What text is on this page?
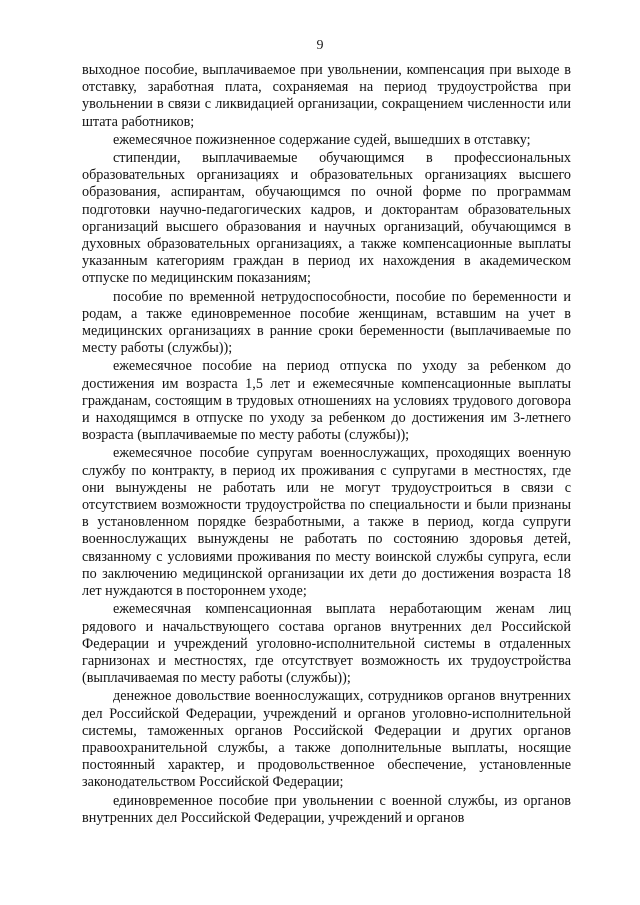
9

выходное пособие, выплачиваемое при увольнении, компенсация при выходе в отставку, заработная плата, сохраняемая на период трудоустройства при увольнении в связи с ликвидацией организации, сокращением численности или штата работников;

ежемесячное пожизненное содержание судей, вышедших в отставку;

стипендии, выплачиваемые обучающимся в профессиональных образовательных организациях и образовательных организациях высшего образования, аспирантам, обучающимся по очной форме по программам подготовки научно-педагогических кадров, и докторантам образовательных организаций высшего образования и научных организаций, обучающимся в духовных образовательных организациях, а также компенсационные выплаты указанным категориям граждан в период их нахождения в академическом отпуске по медицинским показаниям;

пособие по временной нетрудоспособности, пособие по беременности и родам, а также единовременное пособие женщинам, вставшим на учет в медицинских организациях в ранние сроки беременности (выплачиваемые по месту работы (службы));

ежемесячное пособие на период отпуска по уходу за ребенком до достижения им возраста 1,5 лет и ежемесячные компенсационные выплаты гражданам, состоящим в трудовых отношениях на условиях трудового договора и находящимся в отпуске по уходу за ребенком до достижения им 3-летнего возраста (выплачиваемые по месту работы (службы));

ежемесячное пособие супругам военнослужащих, проходящих военную службу по контракту, в период их проживания с супругами в местностях, где они вынуждены не работать или не могут трудоустроиться в связи с отсутствием возможности трудоустройства по специальности и были признаны в установленном порядке безработными, а также в период, когда супруги военнослужащих вынуждены не работать по состоянию здоровья детей, связанному с условиями проживания по месту воинской службы супруга, если по заключению медицинской организации их дети до достижения возраста 18 лет нуждаются в постороннем уходе;

ежемесячная компенсационная выплата неработающим женам лиц рядового и начальствующего состава органов внутренних дел Российской Федерации и учреждений уголовно-исполнительной системы в отдаленных гарнизонах и местностях, где отсутствует возможность их трудоустройства (выплачиваемая по месту работы (службы));

денежное довольствие военнослужащих, сотрудников органов внутренних дел Российской Федерации, учреждений и органов уголовно-исполнительной системы, таможенных органов Российской Федерации и других органов правоохранительной службы, а также дополнительные выплаты, носящие постоянный характер, и продовольственное обеспечение, установленные законодательством Российской Федерации;

единовременное пособие при увольнении с военной службы, из органов внутренних дел Российской Федерации, учреждений и органов
